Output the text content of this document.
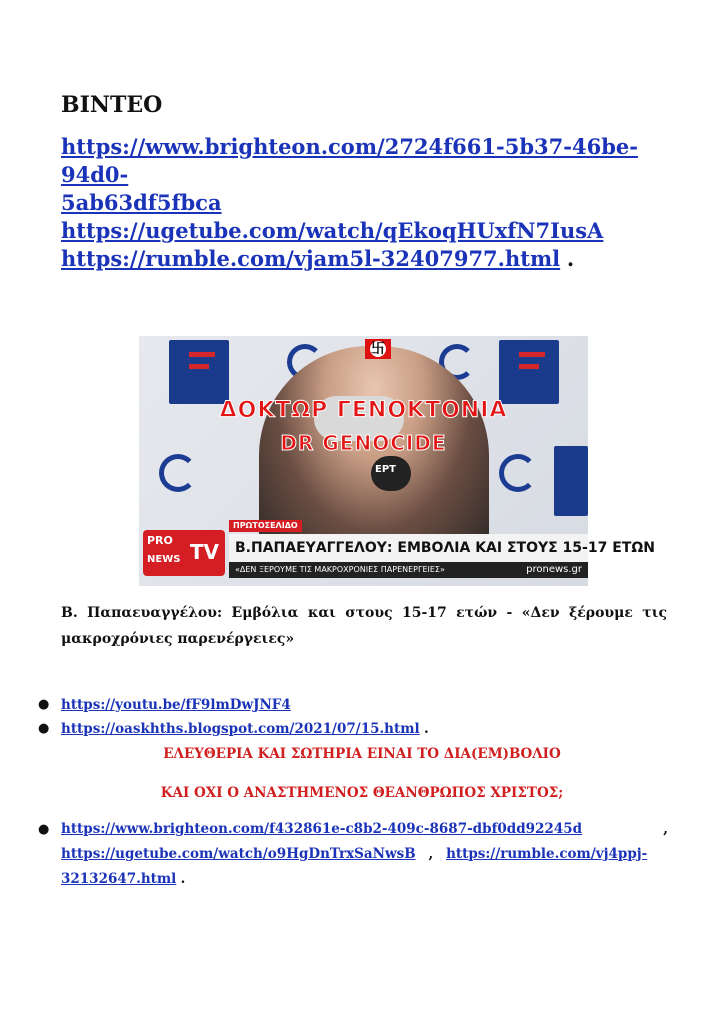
ΒΙΝΤΕΟ
https://www.brighteon.com/2724f661-5b37-46be-94d0-
5ab63df5fbca
https://ugetube.com/watch/qEkoqHUxfN7IusA
https://rumble.com/vjam5l-32407977.html .
卐
ΔΟΚΤΩΡ ΓΕΝΟΚΤΟΝΙΑ
DR GENOCIDE
ΕΡΤ
PRO
NEWS TV
ΠΡΩΤΟΣΕΛΙΔΟ
Β.ΠΑΠΑΕΥΑΓΓΕΛΟΥ: ΕΜΒΟΛΙΑ ΚΑΙ ΣΤΟΥΣ 15-17 ΕΤΩΝ
«ΔΕΝ ΞΕΡΟΥΜΕ ΤΙΣ ΜΑΚΡΟΧΡΟΝΙΕΣ ΠΑΡΕΝΕΡΓΕΙΕΣ»	pronews.gr
Β. Παπαευαγγέλου: Εμβόλια και στους 15-17 ετών - «Δεν ξέρουμε τις μακροχρόνιες παρενέργειες»
● https://youtu.be/fF9lmDwJNF4
● https://oaskhths.blogspot.com/2021/07/15.html .
ΕΛΕΥΘΕΡΙΑ ΚΑΙ ΣΩΤΗΡΙΑ ΕΙΝΑΙ ΤΟ ΔΙΑ(ΕΜ)ΒΟΛΙΟ
ΚΑΙ ΟΧΙ Ο ΑΝΑΣΤΗΜΕΝΟΣ ΘΕΑΝΘΡΩΠΟΣ ΧΡΙΣΤΟΣ;
● https://www.brighteon.com/f432861e-c8b2-409c-8687-dbf0dd92245d	,

https://ugetube.com/watch/o9HgDnTrxSaNwsB , https://rumble.com/vj4ppj-
32132647.html .
